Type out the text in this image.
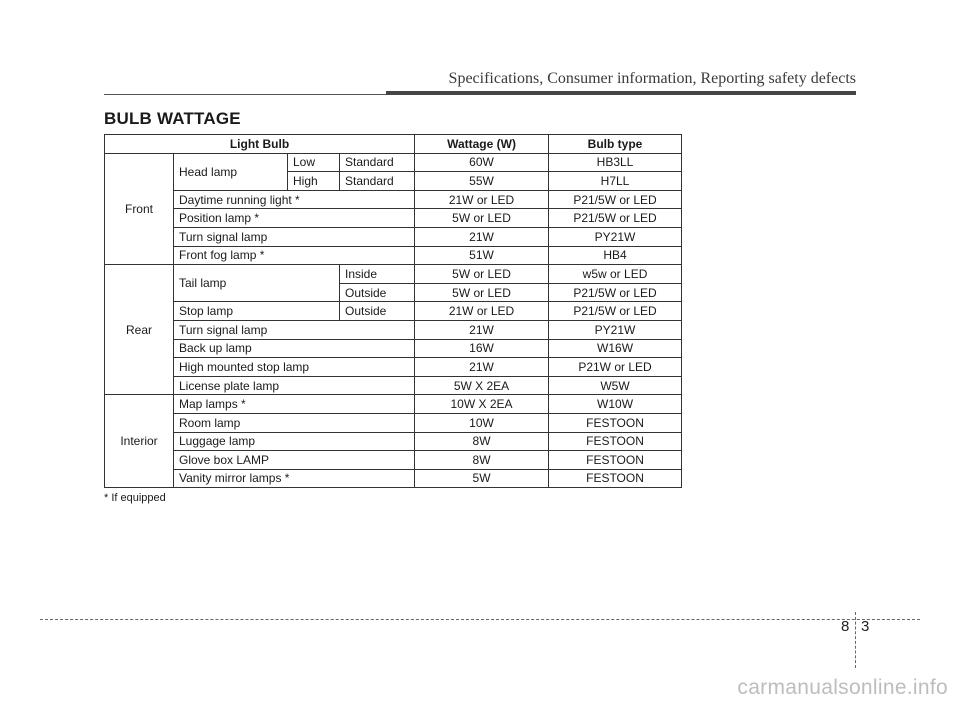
Specifications, Consumer information, Reporting safety defects
BULB WATTAGE
Light Bulb				Wattage (W)	Bulb type
Front	Head lamp	Low	Standard	60W	HB3LL
		High	Standard	55W	H7LL
	Daytime running light *			21W or LED	P21/5W or LED
	Position lamp *			5W or LED	P21/5W or LED
	Turn signal lamp			21W	PY21W
	Front fog lamp *			51W	HB4
Rear	Tail lamp		Inside	5W or LED	w5w or LED
			Outside	5W or LED	P21/5W or LED
	Stop lamp		Outside	21W or LED	P21/5W or LED
	Turn signal lamp			21W	PY21W
	Back up lamp			16W	W16W
	High mounted stop lamp			21W	P21W or LED
	License plate lamp			5W X 2EA	W5W
Interior	Map lamps *			10W X 2EA	W10W
	Room lamp			10W	FESTOON
	Luggage lamp			8W	FESTOON
	Glove box LAMP			8W	FESTOON
	Vanity mirror lamps *			5W	FESTOON
* If equipped
8 3
carmanualsonline.info
